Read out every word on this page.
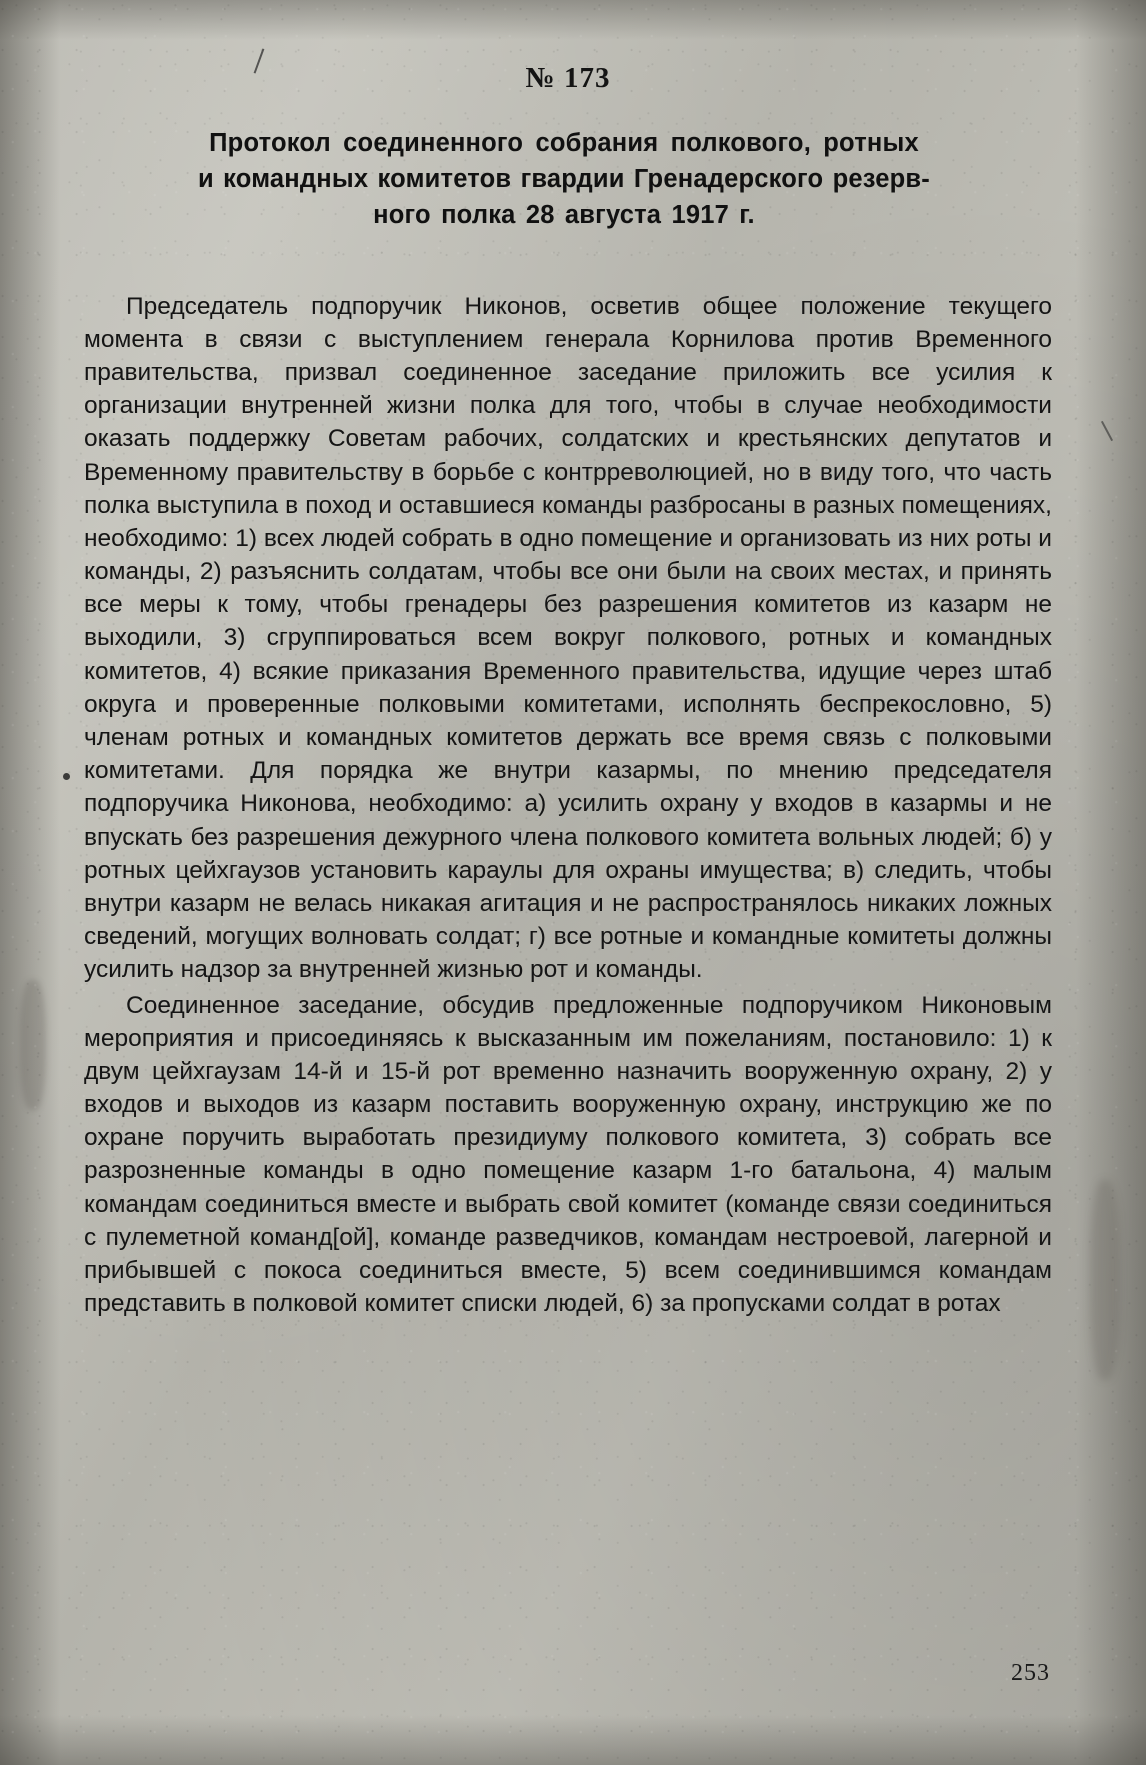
№ 173
Протокол соединенного собрания полкового, ротных
и командных комитетов гвардии Гренадерского резерв-
ного полка 28 августа 1917 г.

Председатель подпоручик Никонов, осветив общее положение текущего момента в связи с выступлением генерала Корнилова против Временного правительства, призвал соединенное заседание приложить все усилия к организации внутренней жизни полка для того, чтобы в случае необходимости оказать поддержку Советам рабочих, солдатских и крестьянских депутатов и Временному правительству в борьбе с контрреволюцией, но в виду того, что часть полка выступила в поход и оставшиеся команды разбросаны в разных помещениях, необходимо: 1) всех людей собрать в одно помещение и организовать из них роты и команды, 2) разъяснить солдатам, чтобы все они были на своих местах, и принять все меры к тому, чтобы гренадеры без разрешения комитетов из казарм не выходили, 3) сгруппироваться всем вокруг полкового, ротных и командных комитетов, 4) всякие приказания Временного правительства, идущие через штаб округа и проверенные полковыми комитетами, исполнять беспрекословно, 5) членам ротных и командных комитетов держать все время связь с полковыми комитетами. Для порядка же внутри казармы, по мнению председателя подпоручика Никонова, необходимо: а) усилить охрану у входов в казармы и не впускать без разрешения дежурного члена полкового комитета вольных людей; б) у ротных цейхгаузов установить караулы для охраны имущества; в) следить, чтобы внутри казарм не велась никакая агитация и не распространялось никаких ложных сведений, могущих волновать солдат; г) все ротные и командные комитеты должны усилить надзор за внутренней жизнью рот и команды.

Соединенное заседание, обсудив предложенные подпоручиком Никоновым мероприятия и присоединяясь к высказанным им пожеланиям, постановило: 1) к двум цейхгаузам 14-й и 15-й рот временно назначить вооруженную охрану, 2) у входов и выходов из казарм поставить вооруженную охрану, инструкцию же по охране поручить выработать президиуму полкового комитета, 3) собрать все разрозненные команды в одно помещение казарм 1-го батальона, 4) малым командам соединиться вместе и выбрать свой комитет (команде связи соединиться с пулеметной команд[ой], команде разведчиков, командам нестроевой, лагерной и прибывшей с покоса соединиться вместе, 5) всем соединившимся командам представить в полковой комитет списки людей, 6) за пропусками солдат в ротах

253
